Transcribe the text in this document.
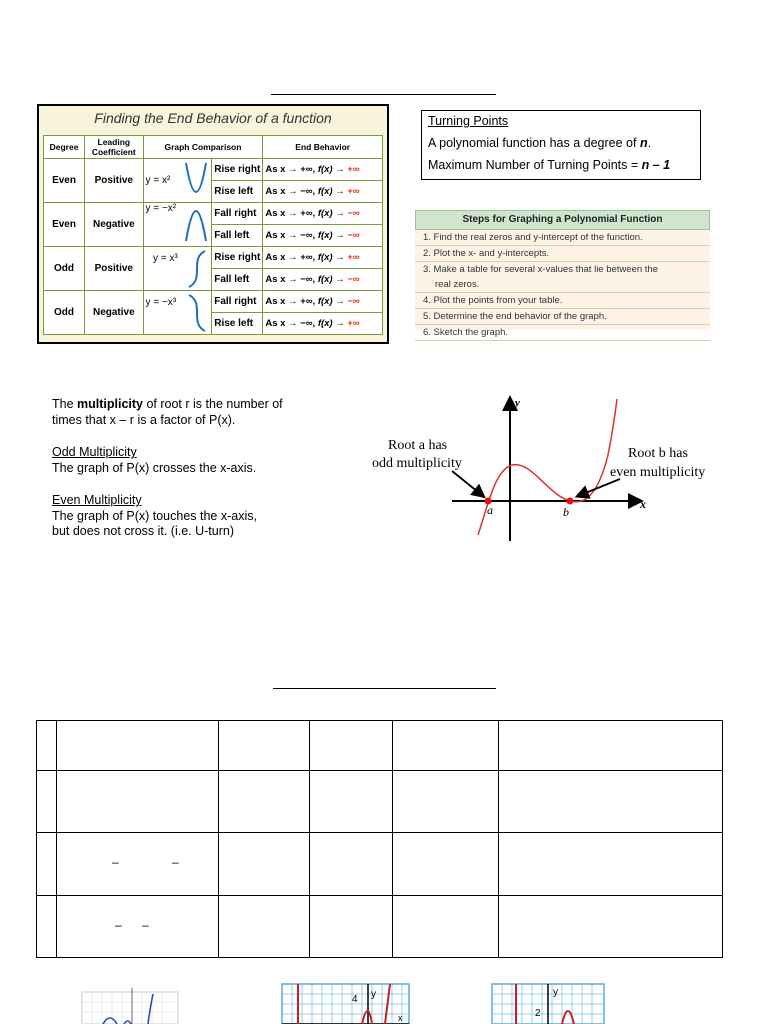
Finding the End Behavior of a function
Degree	Leading Coefficient	Graph Comparison		End Behavior
Even	Positive	y = x²	Rise right	As x → +∞, f(x) → +∞
			Rise left	As x → −∞, f(x) → +∞
Even	Negative	y = −x²	Fall right	As x → +∞, f(x) → −∞
			Fall left	As x → −∞, f(x) → −∞
Odd	Positive	y = x³	Rise right	As x → +∞, f(x) → +∞
			Fall left	As x → −∞, f(x) → −∞
Odd	Negative	y = −x³	Fall right	As x → +∞, f(x) → −∞
			Rise left	As x → −∞, f(x) → +∞
Turning Points
A polynomial function has a degree of n.
Maximum Number of Turning Points = n – 1
Steps for Graphing a Polynomial Function
1. Find the real zeros and y-intercept of the function.
2. Plot the x- and y-intercepts.
3. Make a table for several x-values that lie between the
real zeros.
4. Plot the points from your table.
5. Determine the end behavior of the graph.
6. Sketch the graph.
The multiplicity of root r is the number of
times that x – r is a factor of P(x).
Odd Multiplicity
The graph of P(x) crosses the x-axis.
Even Multiplicity
The graph of P(x) touches the x-axis,
but does not cross it. (i.e. U-turn)
y
x
a	b
Root a has
odd multiplicity
Root b has
even multiplicity

	– –				

	– –				

4 y
x
y
2
